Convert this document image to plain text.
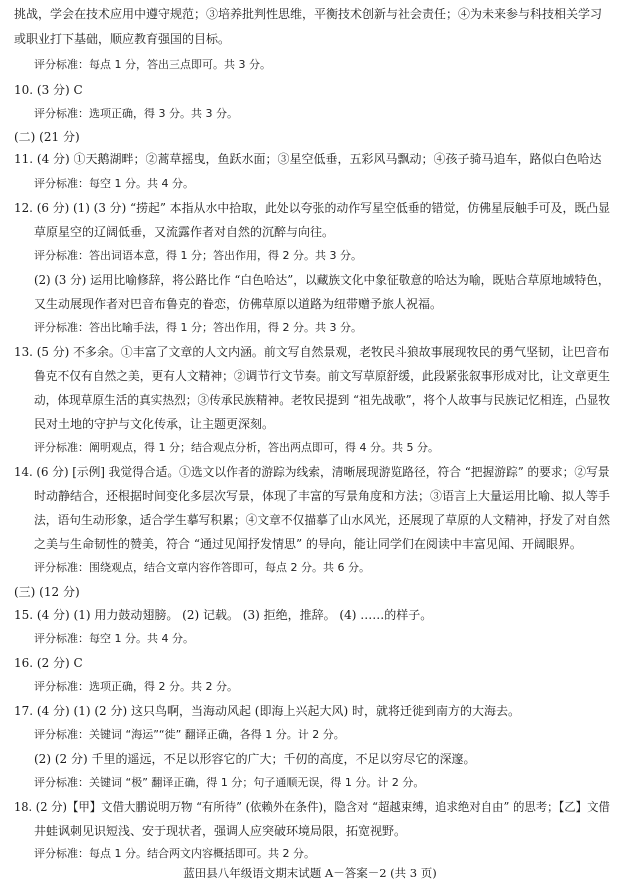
挑战，学会在技术应用中遵守规范；③培养批判性思维，平衡技术创新与社会责任；④为未来参与科技相关学习
或职业打下基础，顺应教育强国的目标。
评分标准：每点 1 分，答出三点即可。共 3 分。
10. (3 分) C
评分标准：选项正确，得 3 分。共 3 分。
(二) (21 分)
11. (4 分) ①天鹅湖畔；②蒿草摇曳，鱼跃水面；③星空低垂，五彩风马飘动；④孩子骑马追车，路似白色哈达
评分标准：每空 1 分。共 4 分。
12. (6 分) (1) (3 分) “捞起” 本指从水中拾取，此处以夸张的动作写星空低垂的错觉，仿佛星辰触手可及，既凸显
草原星空的辽阔低垂，又流露作者对自然的沉醉与向往。
评分标准：答出词语本意，得 1 分；答出作用，得 2 分。共 3 分。
(2) (3 分) 运用比喻修辞，将公路比作 “白色哈达”，以藏族文化中象征敬意的哈达为喻，既贴合草原地域特色，
又生动展现作者对巴音布鲁克的眷恋，仿佛草原以道路为纽带赠予旅人祝福。
评分标准：答出比喻手法，得 1 分；答出作用，得 2 分。共 3 分。
13. (5 分) 不多余。①丰富了文章的人文内涵。前文写自然景观，老牧民斗狼故事展现牧民的勇气坚韧，让巴音布
鲁克不仅有自然之美，更有人文精神；②调节行文节奏。前文写草原舒缓，此段紧张叙事形成对比，让文章更生
动，体现草原生活的真实热烈；③传承民族精神。老牧民提到 “祖先战歌”，将个人故事与民族记忆相连，凸显牧
民对土地的守护与文化传承，让主题更深刻。
评分标准：阐明观点，得 1 分；结合观点分析，答出两点即可，得 4 分。共 5 分。
14. (6 分) [示例] 我觉得合适。①选文以作者的游踪为线索，清晰展现游览路径，符合 “把握游踪” 的要求；②写景
时动静结合，还根据时间变化多层次写景，体现了丰富的写景角度和方法；③语言上大量运用比喻、拟人等手
法，语句生动形象，适合学生摹写积累；④文章不仅描摹了山水风光，还展现了草原的人文精神，抒发了对自然
之美与生命韧性的赞美，符合 “通过见闻抒发情思” 的导向，能让同学们在阅读中丰富见闻、开阔眼界。
评分标准：围绕观点，结合文章内容作答即可，每点 2 分。共 6 分。
(三) (12 分)
15. (4 分) (1) 用力鼓动翅膀。 (2) 记载。 (3) 拒绝，推辞。 (4) ……的样子。
评分标准：每空 1 分。共 4 分。
16. (2 分) C
评分标准：选项正确，得 2 分。共 2 分。
17. (4 分) (1) (2 分) 这只鸟啊，当海动风起 (即海上兴起大风) 时，就将迁徙到南方的大海去。
评分标准：关键词 “海运”“徙” 翻译正确，各得 1 分。计 2 分。
(2) (2 分) 千里的遥远，不足以形容它的广大；千仞的高度，不足以穷尽它的深邃。
评分标准：关键词 “极” 翻译正确，得 1 分；句子通顺无误，得 1 分。计 2 分。
18. (2 分)【甲】文借大鹏说明万物 “有所待” (依赖外在条件)，隐含对 “超越束缚，追求绝对自由” 的思考；【乙】文借
井蛙讽刺见识短浅、安于现状者，强调人应突破环境局限，拓宽视野。
评分标准：每点 1 分。结合两文内容概括即可。共 2 分。
蓝田县八年级语文期末试题 A－答案－2 (共 3 页)
